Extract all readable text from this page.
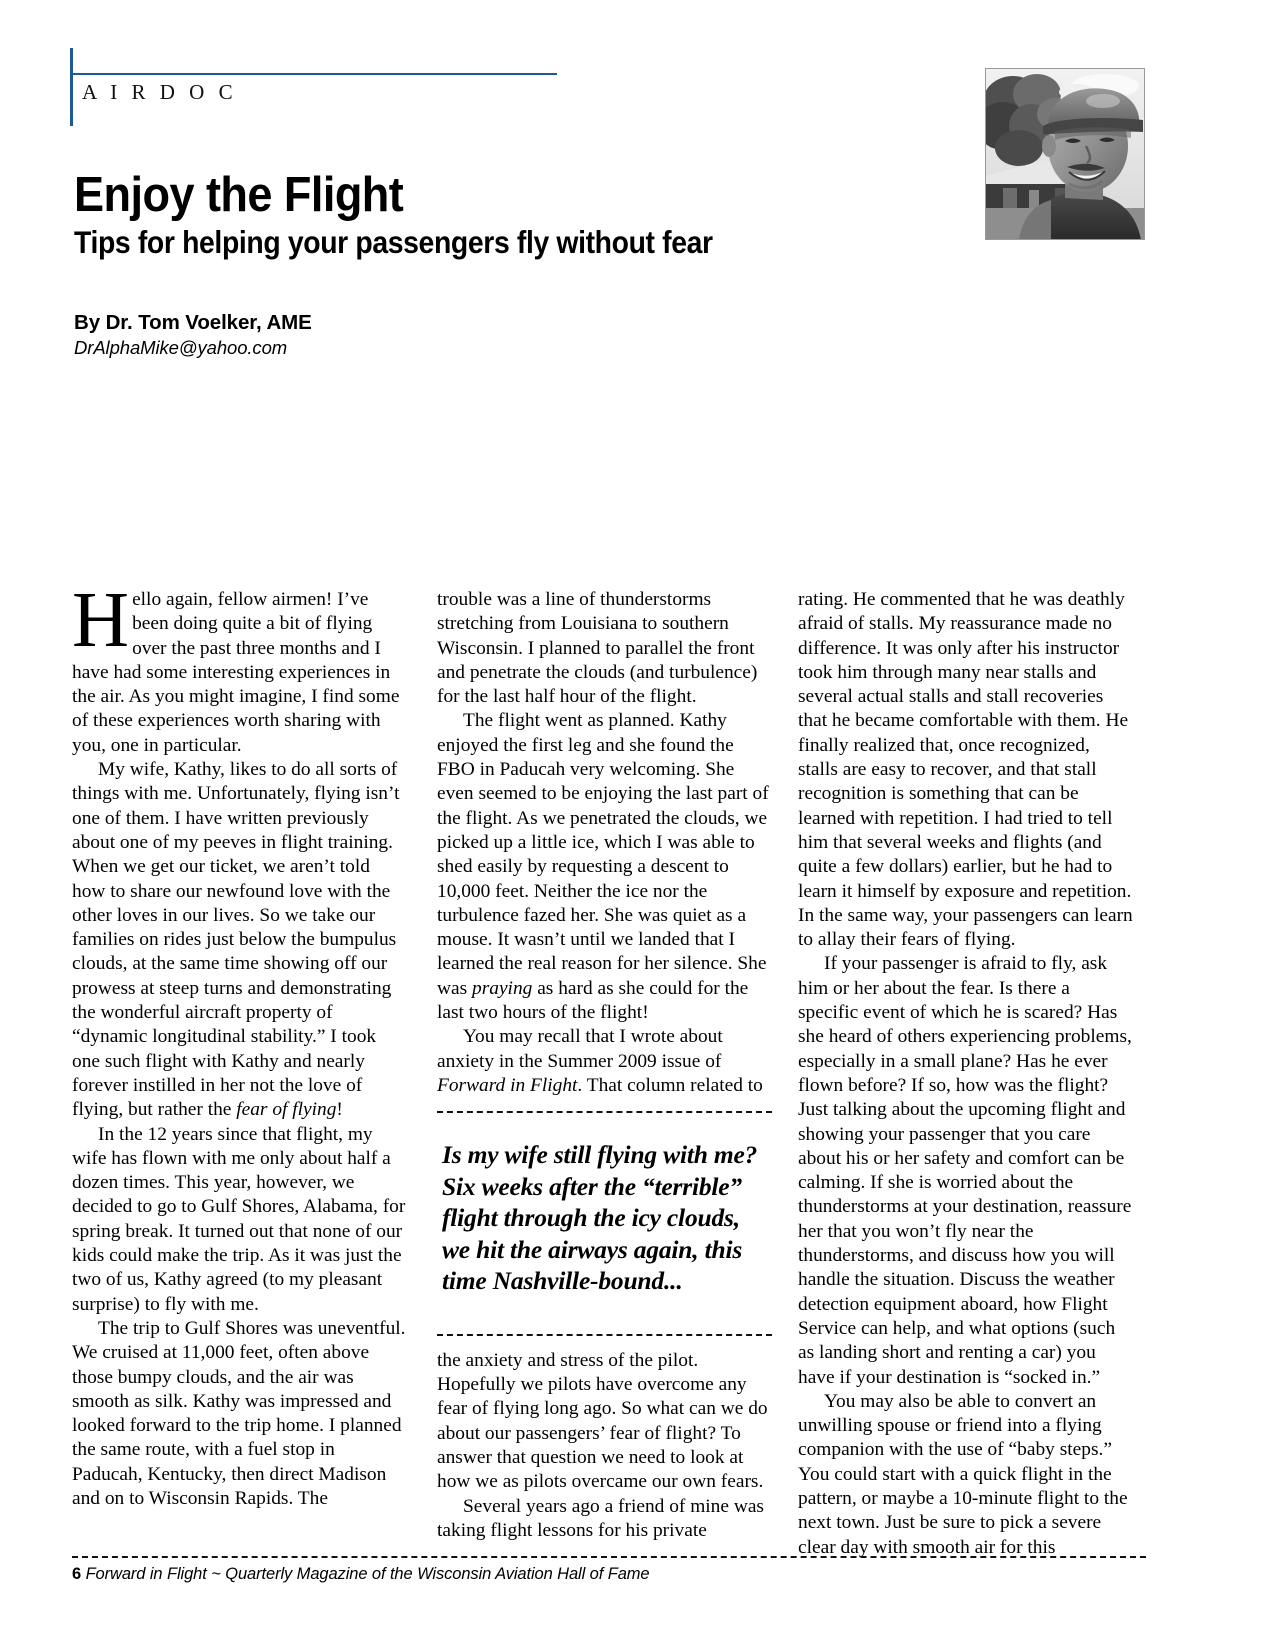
A I R D O C
Enjoy the Flight
Tips for helping your passengers fly without fear
By Dr. Tom Voelker, AME
DrAlphaMike@yahoo.com

Hello again, fellow airmen! I’ve been doing quite a bit of flying over the past three months and I have had some interesting experiences in the air. As you might imagine, I find some of these experiences worth sharing with you, one in particular.

My wife, Kathy, likes to do all sorts of things with me. Unfortunately, flying isn’t one of them. I have written previously about one of my peeves in flight training. When we get our ticket, we aren’t told how to share our newfound love with the other loves in our lives. So we take our families on rides just below the bumpulus clouds, at the same time showing off our prowess at steep turns and demonstrating the wonderful aircraft property of “dynamic longitudinal stability.” I took one such flight with Kathy and nearly forever instilled in her not the love of flying, but rather the fear of flying!

In the 12 years since that flight, my wife has flown with me only about half a dozen times. This year, however, we decided to go to Gulf Shores, Alabama, for spring break. It turned out that none of our kids could make the trip. As it was just the two of us, Kathy agreed (to my pleasant surprise) to fly with me.

The trip to Gulf Shores was uneventful. We cruised at 11,000 feet, often above those bumpy clouds, and the air was smooth as silk. Kathy was impressed and looked forward to the trip home. I planned the same route, with a fuel stop in Paducah, Kentucky, then direct Madison and on to Wisconsin Rapids. The

trouble was a line of thunderstorms stretching from Louisiana to southern Wisconsin. I planned to parallel the front and penetrate the clouds (and turbulence) for the last half hour of the flight.

The flight went as planned. Kathy enjoyed the first leg and she found the FBO in Paducah very welcoming. She even seemed to be enjoying the last part of the flight. As we penetrated the clouds, we picked up a little ice, which I was able to shed easily by requesting a descent to 10,000 feet. Neither the ice nor the turbulence fazed her. She was quiet as a mouse. It wasn’t until we landed that I learned the real reason for her silence. She was praying as hard as she could for the last two hours of the flight!

You may recall that I wrote about anxiety in the Summer 2009 issue of Forward in Flight. That column related to

Is my wife still flying with me? Six weeks after the “terrible” flight through the icy clouds, we hit the airways again, this time Nashville-bound...

the anxiety and stress of the pilot. Hopefully we pilots have overcome any fear of flying long ago. So what can we do about our passengers’ fear of flight? To answer that question we need to look at how we as pilots overcame our own fears.

Several years ago a friend of mine was taking flight lessons for his private

rating. He commented that he was deathly afraid of stalls. My reassurance made no difference. It was only after his instructor took him through many near stalls and several actual stalls and stall recoveries that he became comfortable with them. He finally realized that, once recognized, stalls are easy to recover, and that stall recognition is something that can be learned with repetition. I had tried to tell him that several weeks and flights (and quite a few dollars) earlier, but he had to learn it himself by exposure and repetition. In the same way, your passengers can learn to allay their fears of flying.

If your passenger is afraid to fly, ask him or her about the fear. Is there a specific event of which he is scared? Has she heard of others experiencing problems, especially in a small plane? Has he ever flown before? If so, how was the flight? Just talking about the upcoming flight and showing your passenger that you care about his or her safety and comfort can be calming. If she is worried about the thunderstorms at your destination, reassure her that you won’t fly near the thunderstorms, and discuss how you will handle the situation. Discuss the weather detection equipment aboard, how Flight Service can help, and what options (such as landing short and renting a car) you have if your destination is “socked in.”

You may also be able to convert an unwilling spouse or friend into a flying companion with the use of “baby steps.” You could start with a quick flight in the pattern, or maybe a 10-minute flight to the next town. Just be sure to pick a severe clear day with smooth air for this

6 Forward in Flight ~ Quarterly Magazine of the Wisconsin Aviation Hall of Fame
